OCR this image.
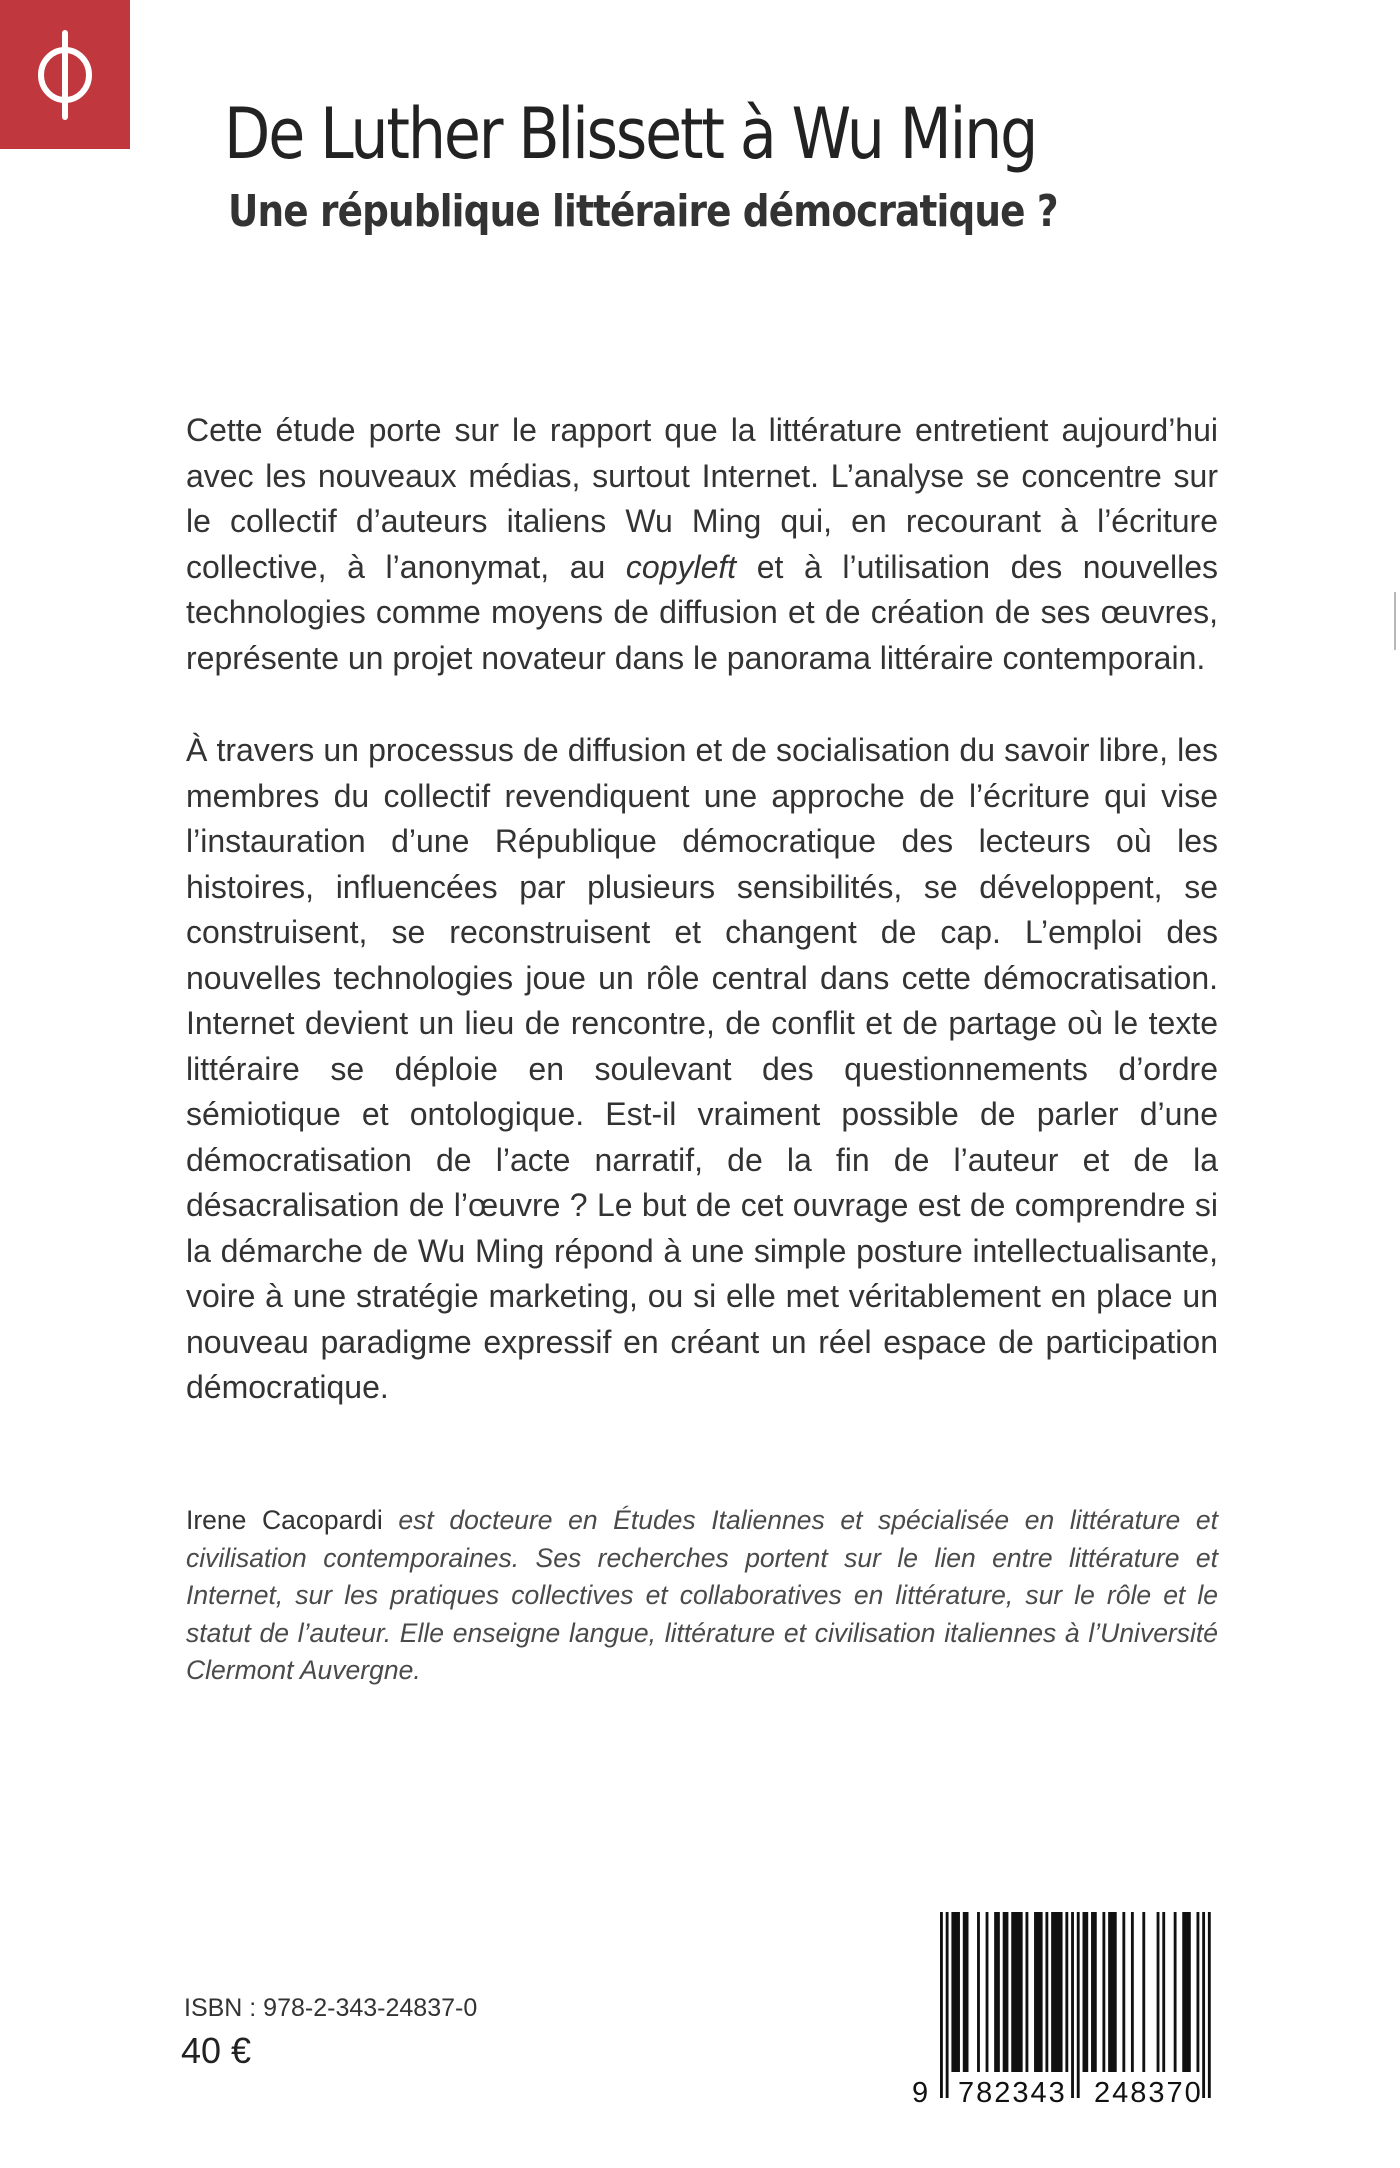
De Luther Blissett à Wu Ming
Une république littéraire démocratique ?

Cette étude porte sur le rapport que la littérature entretient aujourd’hui avec les nouveaux médias, surtout Internet. L’analyse se concentre sur le collectif d’auteurs italiens Wu Ming qui, en recourant à l’écriture collective, à l’anonymat, au copyleft et à l’utilisation des nouvelles technologies comme moyens de diffusion et de création de ses œuvres, représente un projet novateur dans le panorama littéraire contemporain.

À travers un processus de diffusion et de socialisation du savoir libre, les membres du collectif revendiquent une approche de l’écriture qui vise l’instauration d’une République démocratique des lecteurs où les histoires, influencées par plusieurs sensibilités, se développent, se construisent, se reconstruisent et changent de cap. L’emploi des nouvelles technologies joue un rôle central dans cette démocratisation. Internet devient un lieu de rencontre, de conflit et de partage où le texte littéraire se déploie en soulevant des questionnements d’ordre sémiotique et ontologique. Est-il vraiment possible de parler d’une démocratisation de l’acte narratif, de la fin de l’auteur et de la désacralisation de l’œuvre ? Le but de cet ouvrage est de comprendre si la démarche de Wu Ming répond à une simple posture intellectualisante, voire à une stratégie marketing, ou si elle met véritablement en place un nouveau paradigme expressif en créant un réel espace de participation démocratique.

Irene Cacopardi est docteure en Études Italiennes et spécialisée en littérature et civilisation contemporaines. Ses recherches portent sur le lien entre littérature et Internet, sur les pratiques collectives et collaboratives en littérature, sur le rôle et le statut de l’auteur. Elle enseigne langue, littérature et civilisation italiennes à l’Université Clermont Auvergne.

ISBN : 978-2-343-24837-0
40 €
9 782343 248370
